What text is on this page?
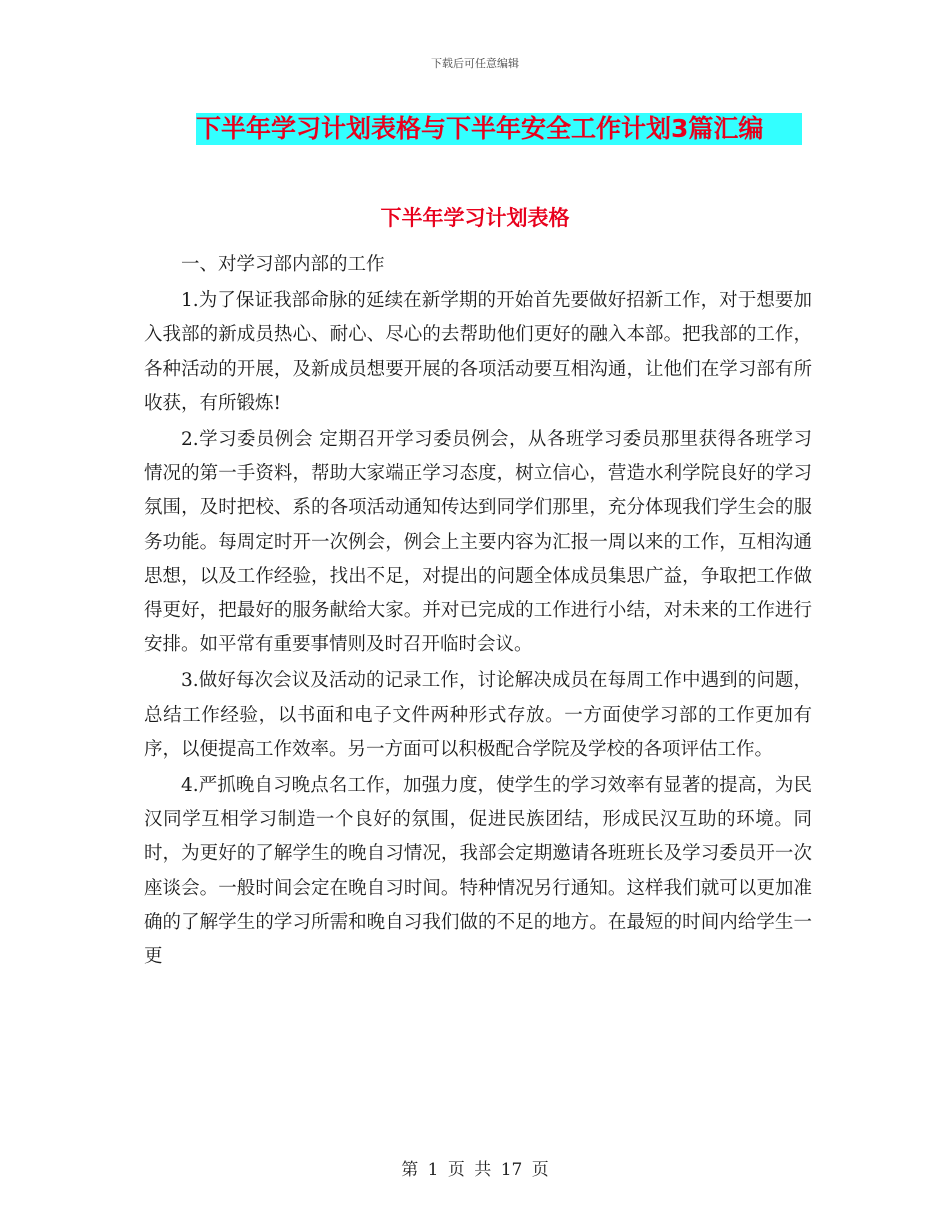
下载后可任意编辑
下半年学习计划表格与下半年安全工作计划3篇汇编
下半年学习计划表格

一、对学习部内部的工作

1.为了保证我部命脉的延续在新学期的开始首先要做好招新工作，对于想要加入我部的新成员热心、耐心、尽心的去帮助他们更好的融入本部。把我部的工作，各种活动的开展，及新成员想要开展的各项活动要互相沟通，让他们在学习部有所收获，有所锻炼!

2.学习委员例会 定期召开学习委员例会，从各班学习委员那里获得各班学习情况的第一手资料，帮助大家端正学习态度，树立信心，营造水利学院良好的学习氛围，及时把校、系的各项活动通知传达到同学们那里，充分体现我们学生会的服务功能。每周定时开一次例会，例会上主要内容为汇报一周以来的工作，互相沟通思想，以及工作经验，找出不足，对提出的问题全体成员集思广益，争取把工作做得更好，把最好的服务献给大家。并对已完成的工作进行小结，对未来的工作进行安排。如平常有重要事情则及时召开临时会议。

3.做好每次会议及活动的记录工作，讨论解决成员在每周工作中遇到的问题，总结工作经验，以书面和电子文件两种形式存放。一方面使学习部的工作更加有序，以便提高工作效率。另一方面可以积极配合学院及学校的各项评估工作。

4.严抓晚自习晚点名工作，加强力度，使学生的学习效率有显著的提高，为民汉同学互相学习制造一个良好的氛围，促进民族团结，形成民汉互助的环境。同时，为更好的了解学生的晚自习情况，我部会定期邀请各班班长及学习委员开一次座谈会。一般时间会定在晚自习时间。特种情况另行通知。这样我们就可以更加准确的了解学生的学习所需和晚自习我们做的不足的地方。在最短的时间内给学生一更

第 1 页 共 17 页
